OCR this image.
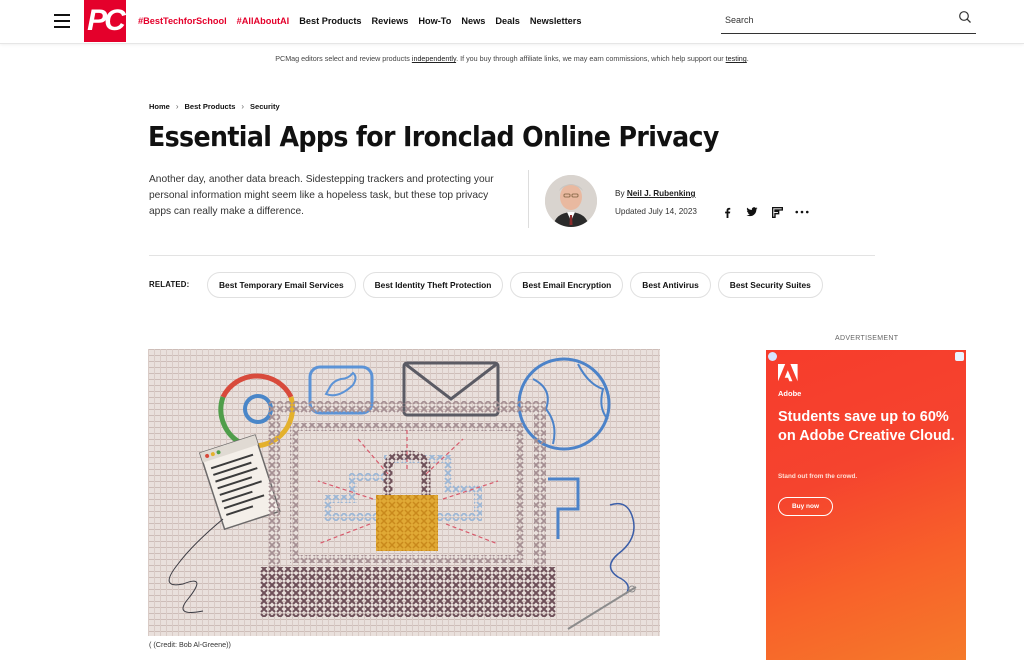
PC	#BestTechforSchool #AllAboutAI Best Products Reviews How-To News Deals Newsletters
Search
PCMag editors select and review products independently. If you buy through affiliate links, we may earn commissions, which help support our testing.
Home › Best Products › Security
Essential Apps for Ironclad Online Privacy

Another day, another data breach. Sidestepping trackers and protecting your personal information might seem like a hopeless task, but these top privacy apps can really make a difference.

By Neil J. Rubenking
Updated July 14, 2023
RELATED:	Best Temporary Email Services	Best Identity Theft Protection	Best Email Encryption	Best Antivirus	Best Security Suites
( (Credit: Bob Al-Greene))
ADVERTISEMENT
Adobe
Students save up to 60% on Adobe Creative Cloud.
Stand out from the crowd.
Buy now
